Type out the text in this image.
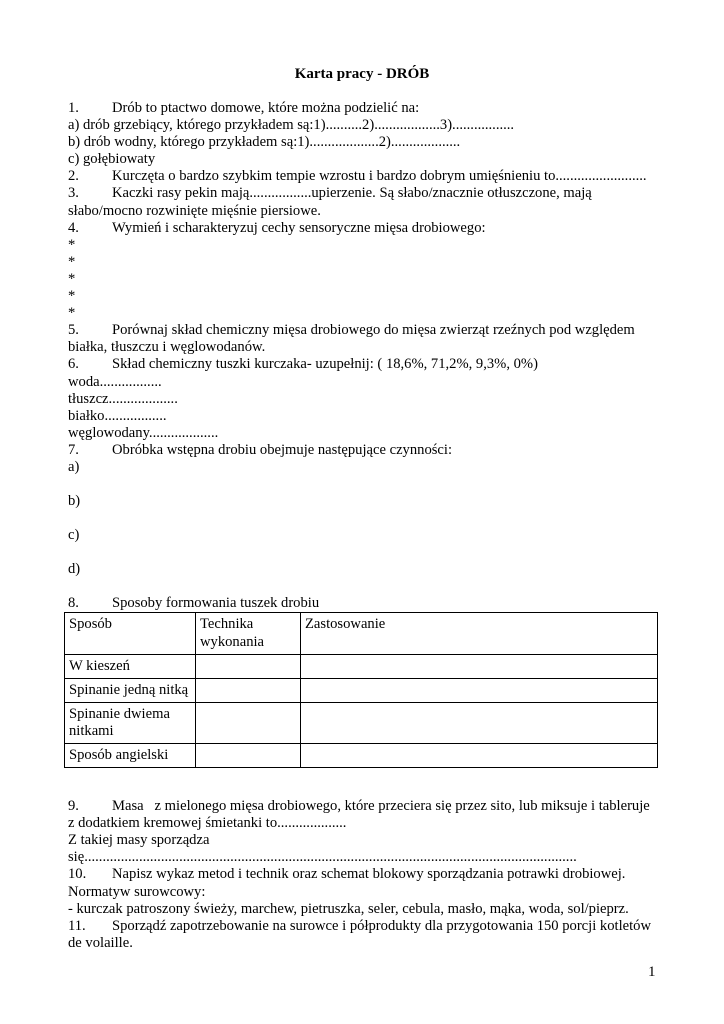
Karta pracy - DRÓB
1. Drób to ptactwo domowe, które można podzielić na:
a) drób grzebiący, którego przykładem są:1)..........2)..................3).................
b) drób wodny, którego przykładem są:1)...................2)...................
c) gołębiowaty
2. Kurczęta o bardzo szybkim tempie wzrostu i bardzo dobrym umięśnieniu to.........................
3. Kaczki rasy pekin mają.................upierzenie. Są słabo/znacznie otłuszczone, mają
słabo/mocno rozwinięte mięśnie piersiowe.
4. Wymień i scharakteryzuj cechy sensoryczne mięsa drobiowego:
*
*
*
*
*
5. Porównaj skład chemiczny mięsa drobiowego do mięsa zwierząt rzeźnych pod względem
białka, tłuszczu i węglowodanów.
6. Skład chemiczny tuszki kurczaka- uzupełnij: ( 18,6%, 71,2%, 9,3%, 0%)
woda.................
tłuszcz...................
białko.................
węglowodany...................
7. Obróbka wstępna drobiu obejmuje następujące czynności:
a)
b)
c)
d)
8. Sposoby formowania tuszek drobiu
Sposób	Technika wykonania	Zastosowanie
W kieszeń		
Spinanie jedną nitką		
Spinanie dwiema nitkami		
Sposób angielski		
9. Masa   z mielonego mięsa drobiowego, które przeciera się przez sito, lub miksuje i tableruje
z dodatkiem kremowej śmietanki to...................
Z takiej masy sporządza
się.......................................................................................................................................
10. Napisz wykaz metod i technik oraz schemat blokowy sporządzania potrawki drobiowej.
Normatyw surowcowy:
- kurczak patroszony świeży, marchew, pietruszka, seler, cebula, masło, mąka, woda, sol/pieprz.
11. Sporządź zapotrzebowanie na surowce i półprodukty dla przygotowania 150 porcji kotletów
de volaille.
1
